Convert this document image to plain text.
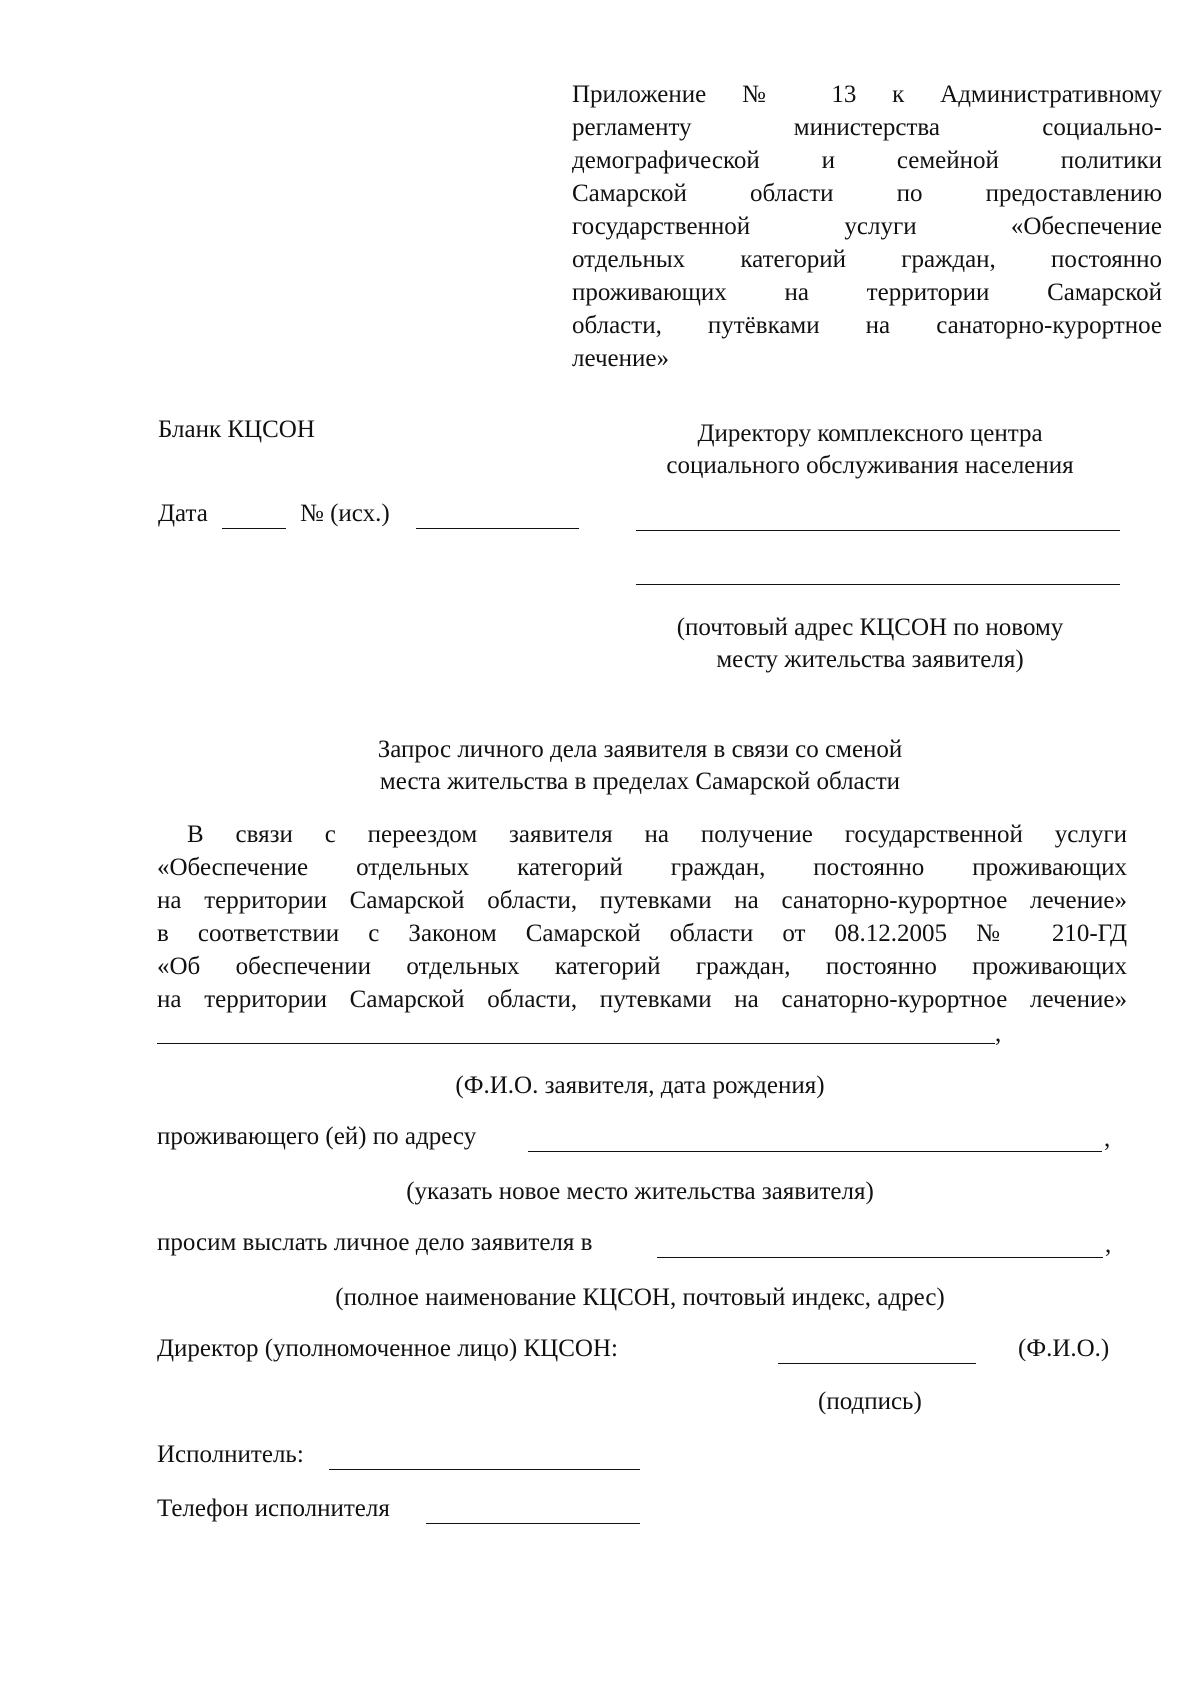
Приложение № 13 к Административному
регламенту министерства социально-
демографической и семейной политики
Самарской области по предоставлению
государственной услуги «Обеспечение
отдельных категорий граждан, постоянно
проживающих на территории Самарской
области, путёвками на санаторно-курортное
лечение»
Бланк КЦСОН
Дата	№ (исх.)
Директору комплексного центра
социального обслуживания населения
(почтовый адрес КЦСОН по новому
месту жительства заявителя)
Запрос личного дела заявителя в связи со сменой
места жительства в пределах Самарской области
В связи с переездом заявителя на получение государственной услуги
«Обеспечение отдельных категорий граждан, постоянно проживающих
на территории Самарской области, путевками на санаторно-курортное лечение»
в соответствии с Законом Самарской области от 08.12.2005 № 210-ГД
«Об обеспечении отдельных категорий граждан, постоянно проживающих
на территории Самарской области, путевками на санаторно-курортное лечение»
,
(Ф.И.О. заявителя, дата рождения)
проживающего (ей) по адресу	,
(указать новое место жительства заявителя)
просим выслать личное дело заявителя в	,
(полное наименование КЦСОН, почтовый индекс, адрес)
Директор (уполномоченное лицо) КЦСОН:	(Ф.И.О.)
(подпись)
Исполнитель:
Телефон исполнителя
